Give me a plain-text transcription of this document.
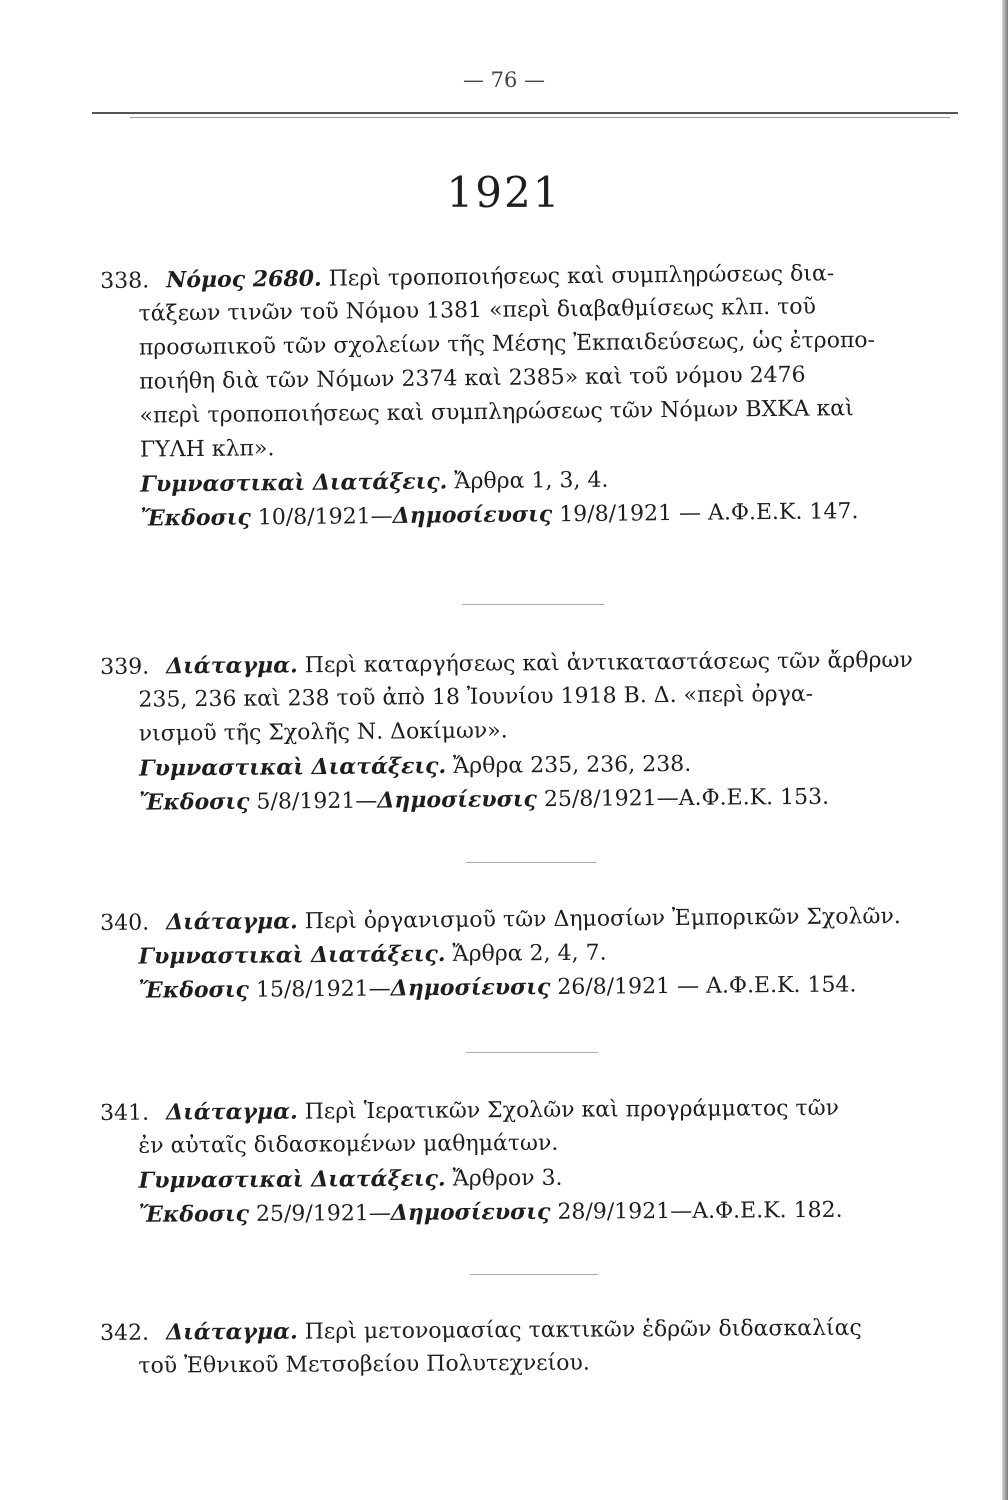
— 76 —
1921
338. Νόμος 2680. Περὶ τροποποιήσεως καὶ συμπληρώσεως δια-
τάξεων τινῶν τοῦ Νόμου 1381 «περὶ διαβαθμίσεως κλπ. τοῦ
προσωπικοῦ τῶν σχολείων τῆς Μέσης Ἐκπαιδεύσεως, ὡς ἐτροπο-
ποιήθη διὰ τῶν Νόμων 2374 καὶ 2385» καὶ τοῦ νόμου 2476
«περὶ τροποποιήσεως καὶ συμπληρώσεως τῶν Νόμων ΒΧΚΑ καὶ
ΓΥΛΗ κλπ».
Γυμναστικαὶ Διατάξεις. Ἄρθρα 1, 3, 4.
Ἔκδοσις 10/8/1921—Δημοσίευσις 19/8/1921 — Α.Φ.Ε.Κ. 147.
339. Διάταγμα. Περὶ καταργήσεως καὶ ἀντικαταστάσεως τῶν ἄρθρων
235, 236 καὶ 238 τοῦ ἀπὸ 18 Ἰουνίου 1918 Β. Δ. «περὶ ὀργα-
νισμοῦ τῆς Σχολῆς Ν. Δοκίμων».
Γυμναστικαὶ Διατάξεις. Ἄρθρα 235, 236, 238.
Ἔκδοσις 5/8/1921—Δημοσίευσις 25/8/1921—Α.Φ.Ε.Κ. 153.
340. Διάταγμα. Περὶ ὀργανισμοῦ τῶν Δημοσίων Ἐμπορικῶν Σχολῶν.
Γυμναστικαὶ Διατάξεις. Ἄρθρα 2, 4, 7.
Ἔκδοσις 15/8/1921—Δημοσίευσις 26/8/1921 — Α.Φ.Ε.Κ. 154.
341. Διάταγμα. Περὶ Ἱερατικῶν Σχολῶν καὶ προγράμματος τῶν
ἐν αὐταῖς διδασκομένων μαθημάτων.
Γυμναστικαὶ Διατάξεις. Ἄρθρον 3.
Ἔκδοσις 25/9/1921—Δημοσίευσις 28/9/1921—Α.Φ.Ε.Κ. 182.
342. Διάταγμα. Περὶ μετονομασίας τακτικῶν ἑδρῶν διδασκαλίας
τοῦ Ἐθνικοῦ Μετσοβείου Πολυτεχνείου.
